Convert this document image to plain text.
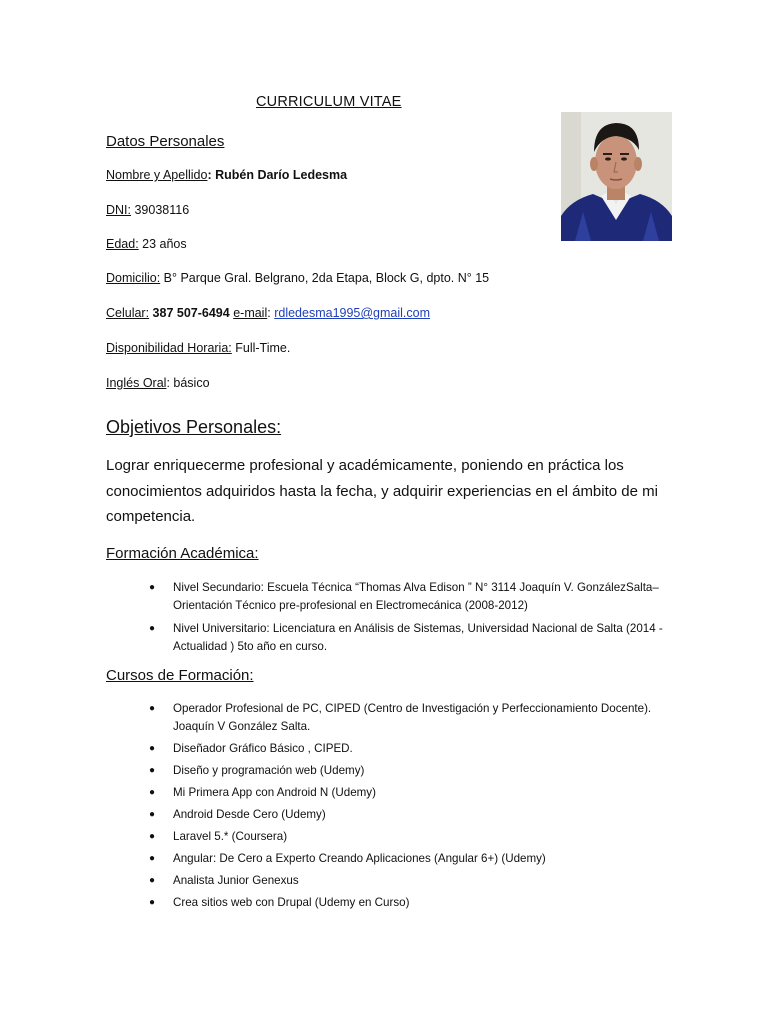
CURRICULUM VITAE
Datos Personales
Nombre y Apellido: Rubén Darío Ledesma
DNI: 39038116
Edad: 23 años
Domicilio: B° Parque Gral. Belgrano, 2da Etapa, Block G, dpto. N° 15
Celular: 387 507-6494 e-mail: rdledesma1995@gmail.com
Disponibilidad Horaria: Full-Time.
Inglés Oral: básico
Objetivos Personales:
Lograr enriquecerme profesional y académicamente, poniendo en práctica los conocimientos adquiridos hasta la fecha, y adquirir experiencias en el ámbito de mi competencia.
Formación Académica:
● Nivel Secundario: Escuela Técnica “Thomas Alva Edison ” N° 3114 Joaquín V. GonzálezSalta– Orientación Técnico pre-profesional en Electromecánica (2008-2012)
● Nivel Universitario: Licenciatura en Análisis de Sistemas, Universidad Nacional de Salta (2014 - Actualidad ) 5to año en curso.
Cursos de Formación:
● Operador Profesional de PC, CIPED (Centro de Investigación y Perfeccionamiento Docente). Joaquín V González Salta.
● Diseñador Gráfico Básico , CIPED.
● Diseño y programación web (Udemy)
● Mi Primera App con Android N (Udemy)
● Android Desde Cero (Udemy)
● Laravel 5.* (Coursera)
● Angular: De Cero a Experto Creando Aplicaciones (Angular 6+) (Udemy)
● Analista Junior Genexus
● Crea sitios web con Drupal (Udemy en Curso)
